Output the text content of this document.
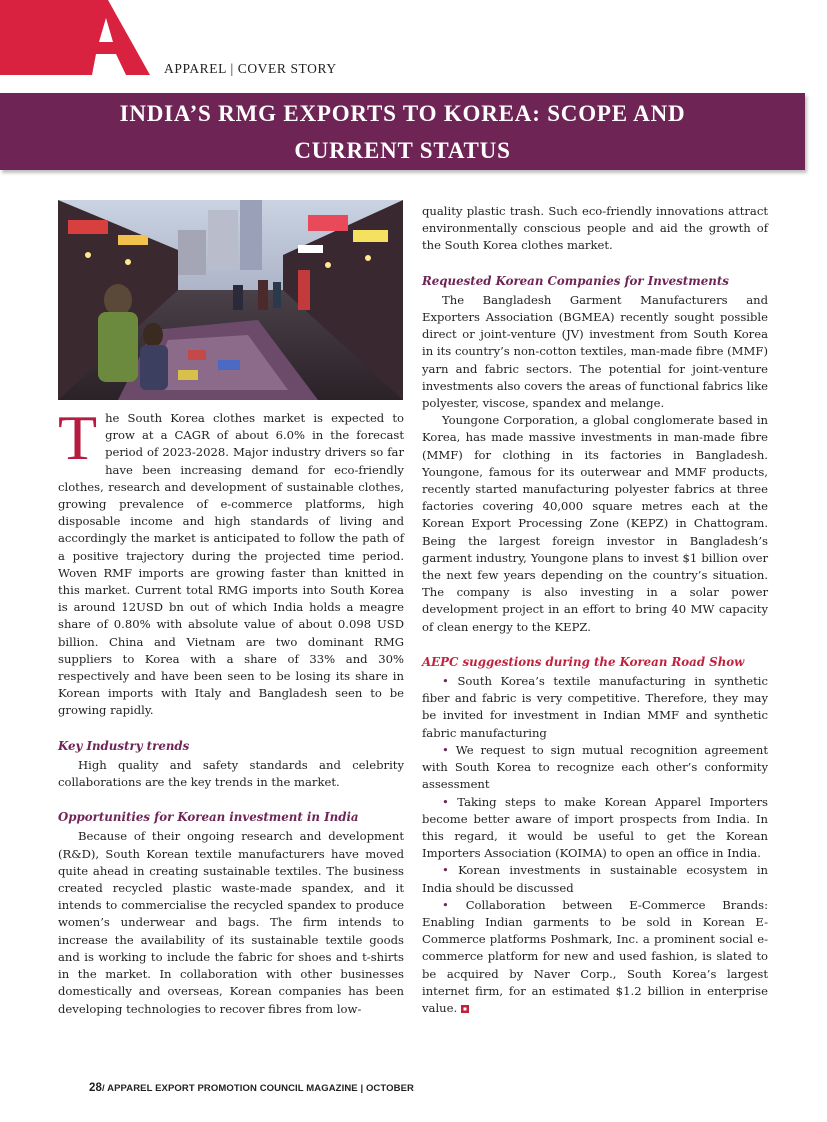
APPAREL | COVER STORY
INDIA’S RMG EXPORTS TO KOREA: SCOPE AND
CURRENT STATUS

The South Korea clothes market is expected to grow at a CAGR of about 6.0% in the forecast period of 2023-2028. Major industry drivers so far have been increasing demand for eco-friendly clothes, research and development of sustainable clothes, growing prevalence of e-commerce platforms, high disposable income and high standards of living and accordingly the market is anticipated to follow the path of a positive trajectory during the projected time period. Woven RMF imports are growing faster than knitted in this market. Current total RMG imports into South Korea is around 12USD bn out of which India holds a meagre share of 0.80% with absolute value of about 0.098 USD billion. China and Vietnam are two dominant RMG suppliers to Korea with a share of 33% and 30% respectively and have been seen to be losing its share in Korean imports with Italy and Bangladesh seen to be growing rapidly.

Key Industry trends

High quality and safety standards and celebrity collaborations are the key trends in the market.

Opportunities for Korean investment in India

Because of their ongoing research and development (R&D), South Korean textile manufacturers have moved quite ahead in creating sustainable textiles. The business created recycled plastic waste-made spandex, and it intends to commercialise the recycled spandex to produce women’s underwear and bags. The firm intends to increase the availability of its sustainable textile goods and is working to include the fabric for shoes and t-shirts in the market. In collaboration with other businesses domestically and overseas, Korean companies has been developing technologies to recover fibres from low-

quality plastic trash. Such eco-friendly innovations attract environmentally conscious people and aid the growth of the South Korea clothes market.

Requested Korean Companies for Investments

The Bangladesh Garment Manufacturers and Exporters Association (BGMEA) recently sought possible direct or joint-venture (JV) investment from South Korea in its country’s non-cotton textiles, man-made fibre (MMF) yarn and fabric sectors. The potential for joint-venture investments also covers the areas of functional fabrics like polyester, viscose, spandex and melange.

Youngone Corporation, a global conglomerate based in Korea, has made massive investments in man-made fibre (MMF) for clothing in its factories in Bangladesh. Youngone, famous for its outerwear and MMF products, recently started manufacturing polyester fabrics at three factories covering 40,000 square metres each at the Korean Export Processing Zone (KEPZ) in Chattogram. Being the largest foreign investor in Bangladesh’s garment industry, Youngone plans to invest $1 billion over the next few years depending on the country’s situation. The company is also investing in a solar power development project in an effort to bring 40 MW capacity of clean energy to the KEPZ.

AEPC suggestions during the Korean Road Show

• South Korea’s textile manufacturing in synthetic fiber and fabric is very competitive. Therefore, they may be invited for investment in Indian MMF and synthetic fabric manufacturing

• We request to sign mutual recognition agreement with South Korea to recognize each other’s conformity assessment

• Taking steps to make Korean Apparel Importers become better aware of import prospects from India. In this regard, it would be useful to get the Korean Importers Association (KOIMA) to open an office in India.

• Korean investments in sustainable ecosystem in India should be discussed

• Collaboration between E-Commerce Brands: Enabling Indian garments to be sold in Korean E-Commerce platforms Poshmark, Inc. a prominent social e-commerce platform for new and used fashion, is slated to be acquired by Naver Corp., South Korea’s largest internet firm, for an estimated $1.2 billion in enterprise value.

28/ APPAREL EXPORT PROMOTION COUNCIL MAGAZINE | OCTOBER
